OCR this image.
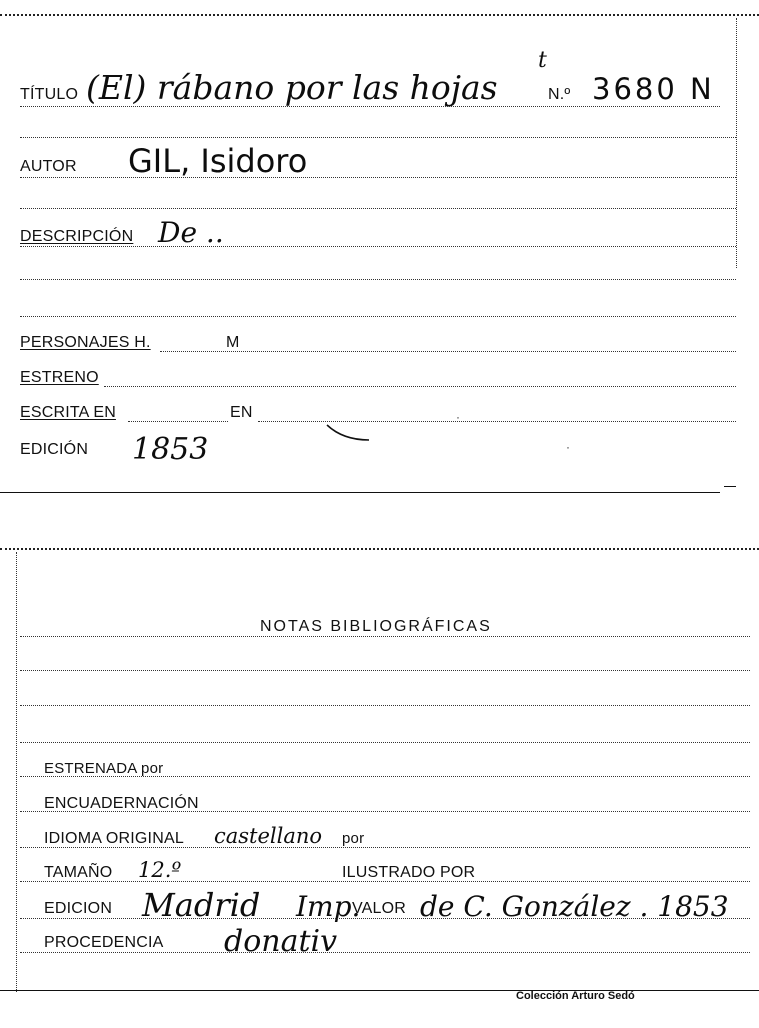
TÍTULO (El) rábano por las hojas
t
N.º 3680 N
AUTOR GIL, Isidoro
DESCRIPCIÓN De ..
PERSONAJES H.	M
ESTRENO
ESCRITA EN	EN
EDICIÓN 1853
·
·
NOTAS BIBLIOGRÁFICAS
ESTRENADA por
ENCUADERNACIÓN
IDIOMA ORIGINAL castellano por
TAMAÑO 12.º	ILUSTRADO POR
EDICION Madrid Imp.
VALOR de C. González . 1853
PROCEDENCIA donativ
Colección Arturo Sedó
